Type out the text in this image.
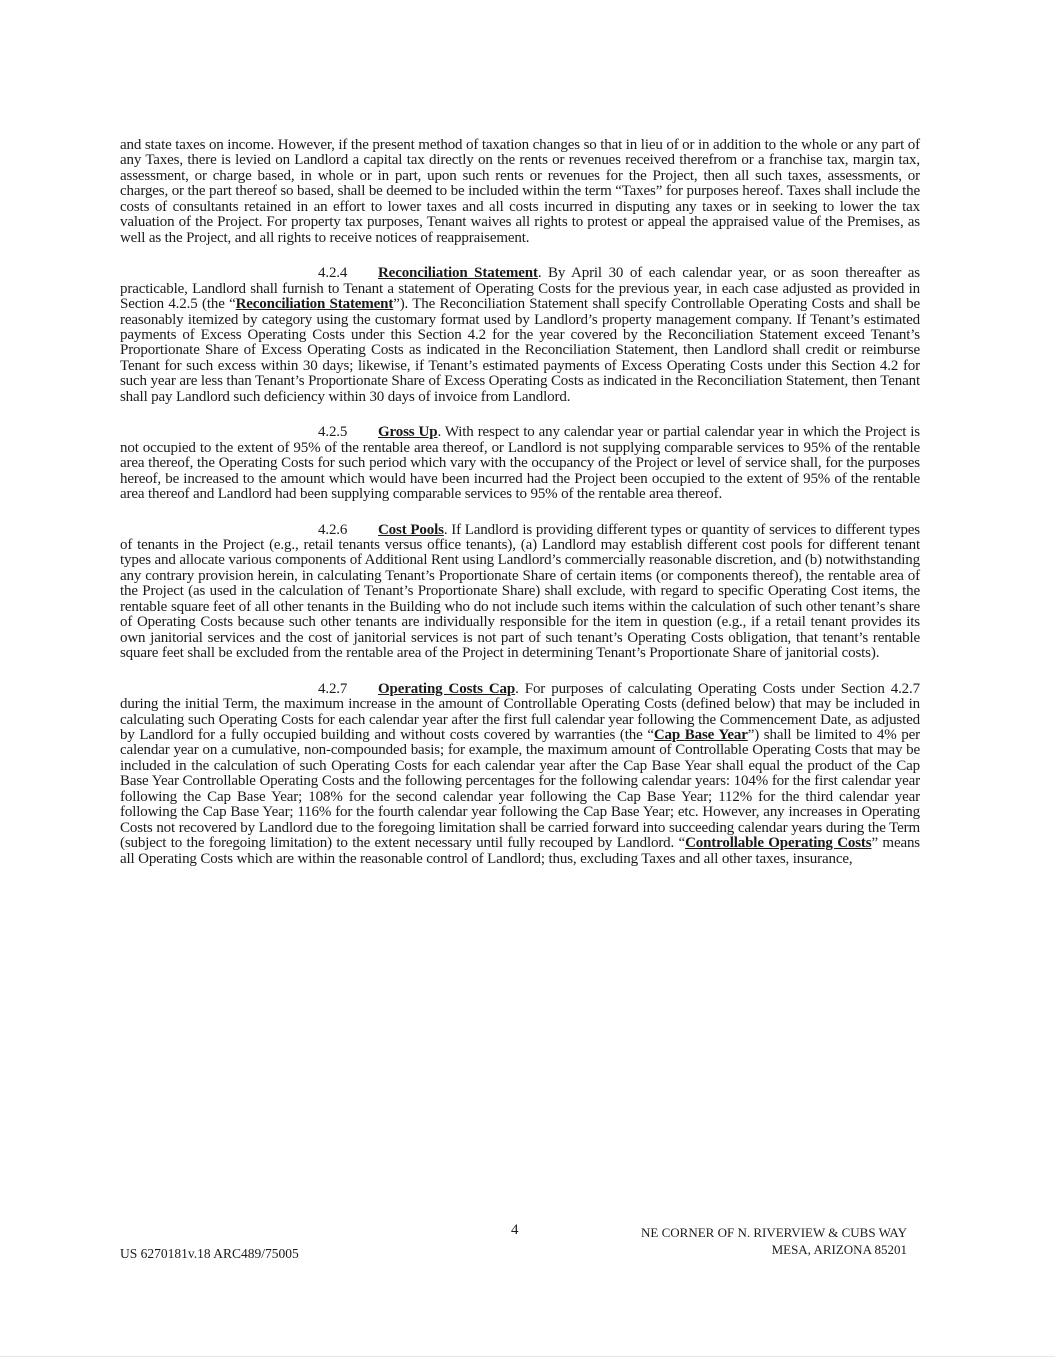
and state taxes on income. However, if the present method of taxation changes so that in lieu of or in addition to the whole or any part of any Taxes, there is levied on Landlord a capital tax directly on the rents or revenues received therefrom or a franchise tax, margin tax, assessment, or charge based, in whole or in part, upon such rents or revenues for the Project, then all such taxes, assessments, or charges, or the part thereof so based, shall be deemed to be included within the term “Taxes” for purposes hereof. Taxes shall include the costs of consultants retained in an effort to lower taxes and all costs incurred in disputing any taxes or in seeking to lower the tax valuation of the Project. For property tax purposes, Tenant waives all rights to protest or appeal the appraised value of the Premises, as well as the Project, and all rights to receive notices of reappraisement.

4.2.4 Reconciliation Statement. By April 30 of each calendar year, or as soon thereafter as practicable, Landlord shall furnish to Tenant a statement of Operating Costs for the previous year, in each case adjusted as provided in Section 4.2.5 (the “Reconciliation Statement”). The Reconciliation Statement shall specify Controllable Operating Costs and shall be reasonably itemized by category using the customary format used by Landlord’s property management company. If Tenant’s estimated payments of Excess Operating Costs under this Section 4.2 for the year covered by the Reconciliation Statement exceed Tenant’s Proportionate Share of Excess Operating Costs as indicated in the Reconciliation Statement, then Landlord shall credit or reimburse Tenant for such excess within 30 days; likewise, if Tenant’s estimated payments of Excess Operating Costs under this Section 4.2 for such year are less than Tenant’s Proportionate Share of Excess Operating Costs as indicated in the Reconciliation Statement, then Tenant shall pay Landlord such deficiency within 30 days of invoice from Landlord.

4.2.5 Gross Up. With respect to any calendar year or partial calendar year in which the Project is not occupied to the extent of 95% of the rentable area thereof, or Landlord is not supplying comparable services to 95% of the rentable area thereof, the Operating Costs for such period which vary with the occupancy of the Project or level of service shall, for the purposes hereof, be increased to the amount which would have been incurred had the Project been occupied to the extent of 95% of the rentable area thereof and Landlord had been supplying comparable services to 95% of the rentable area thereof.

4.2.6 Cost Pools. If Landlord is providing different types or quantity of services to different types of tenants in the Project (e.g., retail tenants versus office tenants), (a) Landlord may establish different cost pools for different tenant types and allocate various components of Additional Rent using Landlord’s commercially reasonable discretion, and (b) notwithstanding any contrary provision herein, in calculating Tenant’s Proportionate Share of certain items (or components thereof), the rentable area of the Project (as used in the calculation of Tenant’s Proportionate Share) shall exclude, with regard to specific Operating Cost items, the rentable square feet of all other tenants in the Building who do not include such items within the calculation of such other tenant’s share of Operating Costs because such other tenants are individually responsible for the item in question (e.g., if a retail tenant provides its own janitorial services and the cost of janitorial services is not part of such tenant’s Operating Costs obligation, that tenant’s rentable square feet shall be excluded from the rentable area of the Project in determining Tenant’s Proportionate Share of janitorial costs).

4.2.7 Operating Costs Cap. For purposes of calculating Operating Costs under Section 4.2.7 during the initial Term, the maximum increase in the amount of Controllable Operating Costs (defined below) that may be included in calculating such Operating Costs for each calendar year after the first full calendar year following the Commencement Date, as adjusted by Landlord for a fully occupied building and without costs covered by warranties (the “Cap Base Year”) shall be limited to 4% per calendar year on a cumulative, non-compounded basis; for example, the maximum amount of Controllable Operating Costs that may be included in the calculation of such Operating Costs for each calendar year after the Cap Base Year shall equal the product of the Cap Base Year Controllable Operating Costs and the following percentages for the following calendar years: 104% for the first calendar year following the Cap Base Year; 108% for the second calendar year following the Cap Base Year; 112% for the third calendar year following the Cap Base Year; 116% for the fourth calendar year following the Cap Base Year; etc. However, any increases in Operating Costs not recovered by Landlord due to the foregoing limitation shall be carried forward into succeeding calendar years during the Term (subject to the foregoing limitation) to the extent necessary until fully recouped by Landlord. “Controllable Operating Costs” means all Operating Costs which are within the reasonable control of Landlord; thus, excluding Taxes and all other taxes, insurance,

4	NE CORNER OF N. RIVERVIEW & CUBS WAY
MESA, ARIZONA 85201
US 6270181v.18 ARC489/75005
